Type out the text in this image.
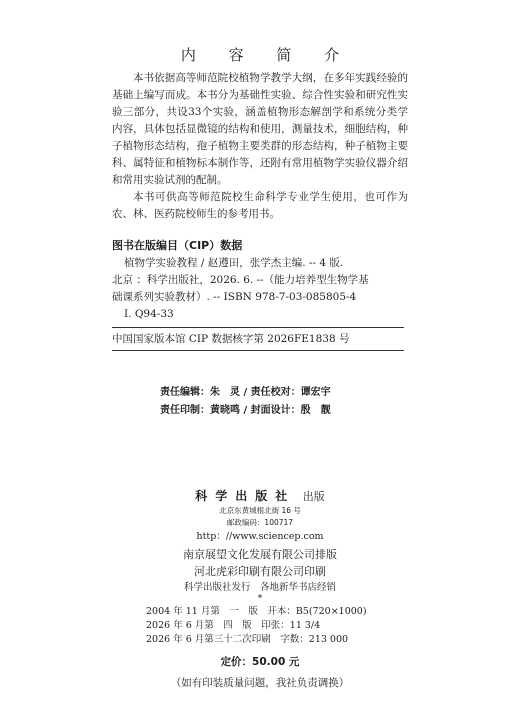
内 容 简 介

本书依据高等师范院校植物学教学大纲，在多年实践经验的基础上编写而成。本书分为基础性实验、综合性实验和研究性实验三部分，共设33个实验，涵盖植物形态解剖学和系统分类学内容，具体包括显微镜的结构和使用，测量技术，细胞结构，种子植物形态结构，孢子植物主要类群的形态结构，种子植物主要科、属特征和植物标本制作等，还附有常用植物学实验仪器介绍和常用实验试剂的配制。

本书可供高等师范院校生命科学专业学生使用，也可作为农、林、医药院校师生的参考用书。

图书在版编目（CIP）数据
植物学实验教程 / 赵遵田，张学杰主编. -- 4 版.
北京 ：科学出版社，2026. 6. --（能力培养型生物学基
础课系列实验教材）. -- ISBN 978-7-03-085805-4
Ⅰ. Q94-33
中国国家版本馆 CIP 数据核字第 2026FE1838 号
责任编辑：朱　灵 / 责任校对：谭宏宇
责任印制：黄晓鸣 / 封面设计：殷　靓
科学出版社 出版
北京东黄城根北街 16 号
邮政编码：100717
http：//www.sciencep.com
南京展望文化发展有限公司排版
河北虎彩印刷有限公司印刷
科学出版社发行　各地新华书店经销
*
2004 年 11 月第　一　版　开本：B5(720×1000)
2026 年 6 月第　四　版　印张：11 3/4
2026 年 6 月第三十二次印刷　字数：213 000
定价：50.00 元
（如有印装质量问题，我社负责调换）
